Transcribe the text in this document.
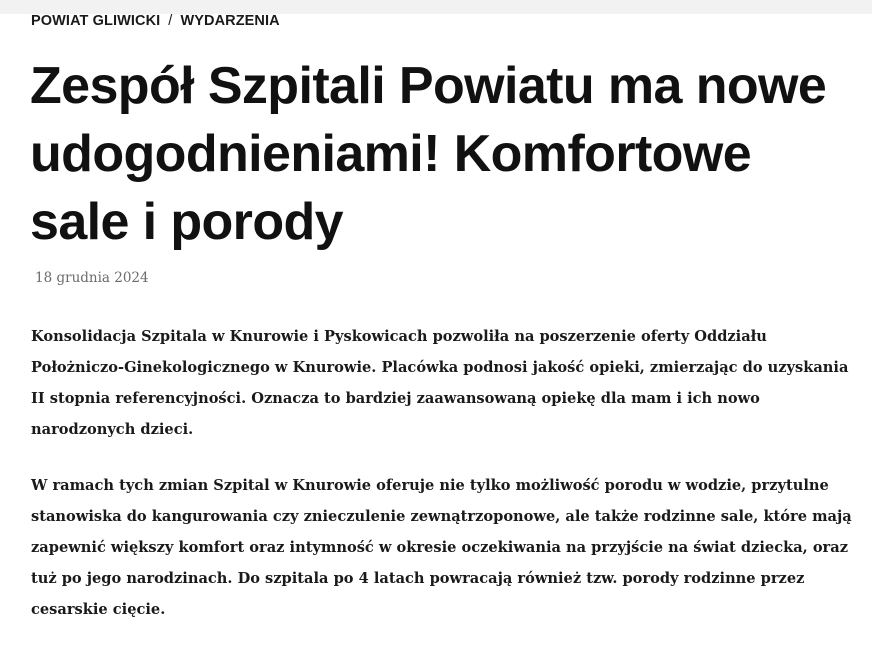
POWIAT GLIWICKI / WYDARZENIA
Zespół Szpitali Powiatu ma nowe udogodnieniami! Komfortowe sale i porody
18 grudnia 2024

Konsolidacja Szpitala w Knurowie i Pyskowicach pozwoliła na poszerzenie oferty Oddziału Położniczo-Ginekologicznego w Knurowie. Placówka podnosi jakość opieki, zmierzając do uzyskania II stopnia referencyjności. Oznacza to bardziej zaawansowaną opiekę dla mam i ich nowo narodzonych dzieci.

W ramach tych zmian Szpital w Knurowie oferuje nie tylko możliwość porodu w wodzie, przytulne stanowiska do kangurowania czy znieczulenie zewnątrzoponowe, ale także rodzinne sale, które mają zapewnić większy komfort oraz intymność w okresie oczekiwania na przyjście na świat dziecka, oraz tuż po jego narodzinach. Do szpitala po 4 latach powracają również tzw. porody rodzinne przez cesarskie cięcie.
